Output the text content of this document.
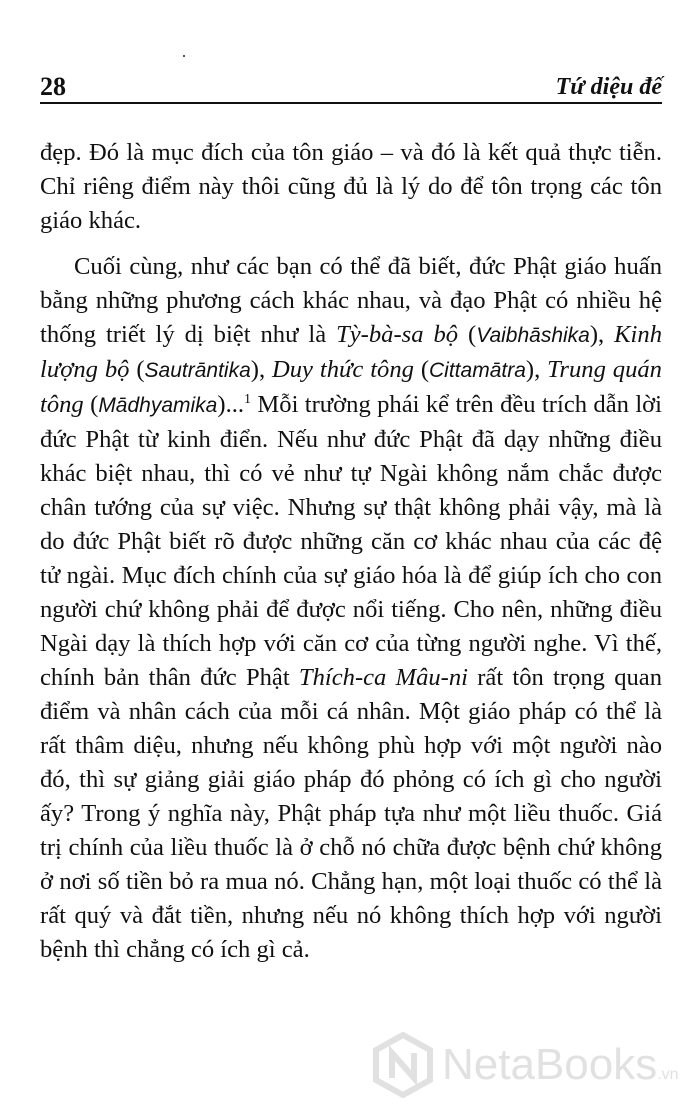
28	Tứ diệu đế

đẹp. Đó là mục đích của tôn giáo – và đó là kết quả thực tiễn. Chỉ riêng điểm này thôi cũng đủ là lý do để tôn trọng các tôn giáo khác.

Cuối cùng, như các bạn có thể đã biết, đức Phật giáo huấn bằng những phương cách khác nhau, và đạo Phật có nhiều hệ thống triết lý dị biệt như là Tỳ-bà-sa bộ (Vaibhāshika), Kinh lượng bộ (Sautrāntika), Duy thức tông (Cittamātra), Trung quán tông (Mādhyamika)...$^1$ Mỗi trường phái kể trên đều trích dẫn lời đức Phật từ kinh điển. Nếu như đức Phật đã dạy những điều khác biệt nhau, thì có vẻ như tự Ngài không nắm chắc được chân tướng của sự việc. Nhưng sự thật không phải vậy, mà là do đức Phật biết rõ được những căn cơ khác nhau của các đệ tử ngài. Mục đích chính của sự giáo hóa là để giúp ích cho con người chứ không phải để được nổi tiếng. Cho nên, những điều Ngài dạy là thích hợp với căn cơ của từng người nghe. Vì thế, chính bản thân đức Phật Thích-ca Mâu-ni rất tôn trọng quan điểm và nhân cách của mỗi cá nhân. Một giáo pháp có thể là rất thâm diệu, nhưng nếu không phù hợp với một người nào đó, thì sự giảng giải giáo pháp đó phỏng có ích gì cho người ấy? Trong ý nghĩa này, Phật pháp tựa như một liều thuốc. Giá trị chính của liều thuốc là ở chỗ nó chữa được bệnh chứ không ở nơi số tiền bỏ ra mua nó. Chẳng hạn, một loại thuốc có thể là rất quý và đắt tiền, nhưng nếu nó không thích hợp với người bệnh thì chẳng có ích gì cả.

NetaBooks.vn
